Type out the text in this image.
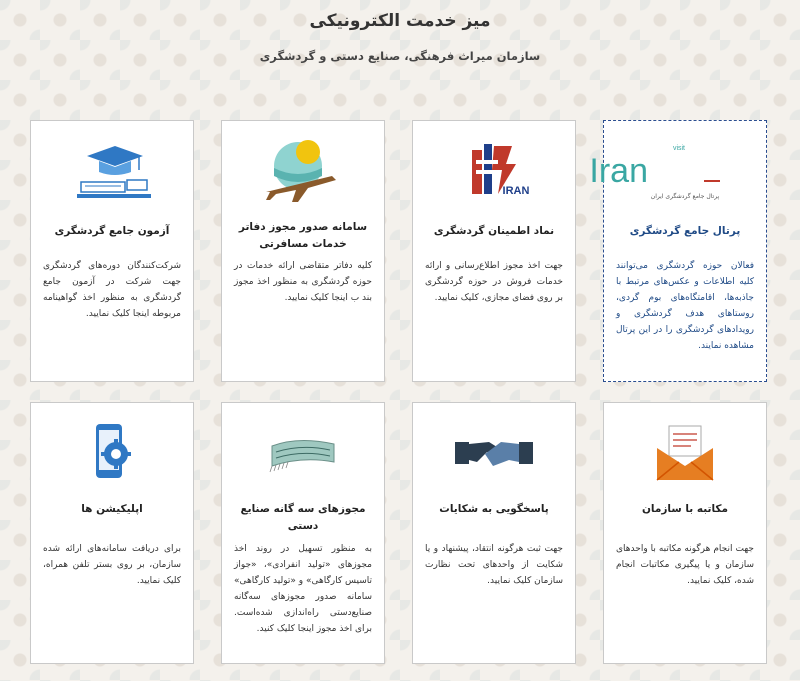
میز خدمت الکترونیکی
سازمان میراث فرهنگی، صنایع دستی و گردشگری
visit
Iran
پرتال جامع گردشگری ایران
پرتال جامع گردشگری
فعالان حوزه گردشگری می‌توانند کلیه اطلاعات و عکس‌های مرتبط با جاذبه‌ها، اقامتگاه‌های بوم گردی، روستاهای هدف گردشگری و رویدادهای گردشگری را در این پرتال مشاهده نمایند.
IRAN
نماد اطمینان گردشگری
جهت اخذ مجوز اطلاع‌رسانی و ارائه خدمات فروش در حوزه گردشگری بر روی فضای مجازی، کلیک نمایید.
سامانه صدور مجوز دفاتر خدمات مسافرتی
کلیه دفاتر متقاضی ارائه خدمات در حوزه گردشگری به منظور اخذ مجوز بند ب اینجا کلیک نمایید.
آزمون جامع گردشگری
شرکت‌کنندگان دوره‌های گردشگری جهت شرکت در آزمون جامع گردشگری به منظور اخذ گواهینامه مربوطه اینجا کلیک نمایید.
مکاتبه با سازمان
جهت انجام هرگونه مکاتبه با واحدهای سازمان و یا پیگیری مکاتبات انجام شده، کلیک نمایید.
پاسخگویی به شکایات
جهت ثبت هرگونه انتقاد، پیشنهاد و یا شکایت از واحدهای تحت نظارت سازمان کلیک نمایید.
مجوزهای سه گانه صنایع دستی
به منظور تسهیل در روند اخذ مجوزهای «تولید انفرادی»، «جواز تاسیس کارگاهی» و «تولید کارگاهی» سامانه صدور مجوزهای سه‌گانه صنایع‌دستی راه‌اندازی شده‌است. برای اخذ مجوز اینجا کلیک کنید.
اپلیکیشن ها
برای دریافت سامانه‌های ارائه شده سازمان، بر روی بستر تلفن همراه، کلیک نمایید.
